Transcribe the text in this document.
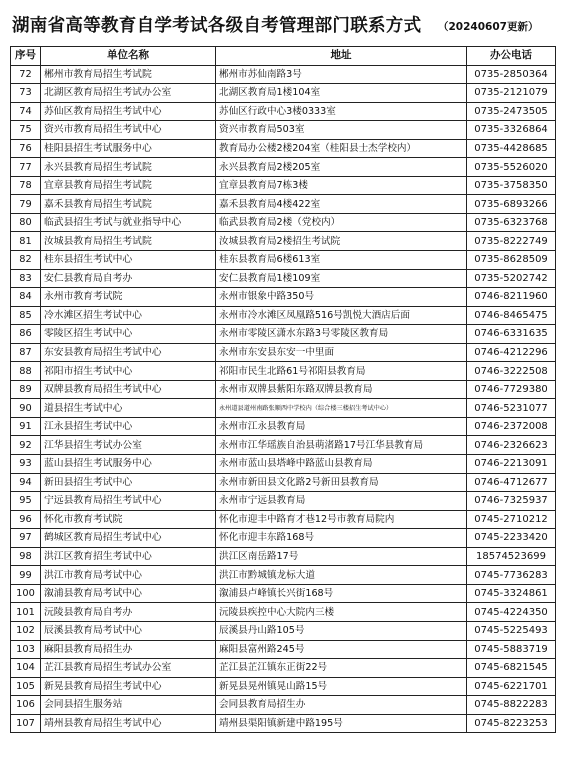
湖南省高等教育自学考试各级自考管理部门联系方式 （20240607更新）
序号	单位名称	地址	办公电话
72	郴州市教育局招生考试院	郴州市苏仙南路3号	0735-2850364
73	北湖区教育局招生考试办公室	北湖区教育局1楼104室	0735-2121079
74	苏仙区教育局招生考试中心	苏仙区行政中心3楼0333室	0735-2473505
75	资兴市教育局招生考试中心	资兴市教育局503室	0735-3326864
76	桂阳县招生考试服务中心	教育局办公楼2楼204室（桂阳县士杰学校内）	0735-4428685
77	永兴县教育局招生考试院	永兴县教育局2楼205室	0735-5526020
78	宜章县教育局招生考试院	宜章县教育局7栋3楼	0735-3758350
79	嘉禾县教育局招生考试院	嘉禾县教育局4楼422室	0735-6893266
80	临武县招生考试与就业指导中心	临武县教育局2楼（党校内）	0735-6323768
81	汝城县教育局招生考试院	汝城县教育局2楼招生考试院	0735-8222749
82	桂东县招生考试中心	桂东县教育局6楼613室	0735-8628509
83	安仁县教育局自考办	安仁县教育局1楼109室	0735-5202742
84	永州市教育考试院	永州市银象中路350号	0746-8211960
85	冷水滩区招生考试中心	永州市冷水滩区凤凰路516号凯悦大酒店后面	0746-8465475
86	零陵区招生考试中心	永州市零陵区潇水东路3号零陵区教育局	0746-6331635
87	东安县教育局招生考试中心	永州市东安县东安一中里面	0746-4212296
88	祁阳市招生考试中心	祁阳市民生北路61号祁阳县教育局	0746-3222508
89	双牌县教育局招生考试中心	永州市双牌县紫阳东路双牌县教育局	0746-7729380
90	道县招生考试中心	永州道县道州南路张顺西中学校内（综合楼三楼招生考试中心）	0746-5231077
91	江永县招生考试中心	永州市江永县教育局	0746-2372008
92	江华县招生考试办公室	永州市江华瑶族自治县萌渚路17号江华县教育局	0746-2326623
93	蓝山县招生考试服务中心	永州市蓝山县塔峰中路蓝山县教育局	0746-2213091
94	新田县招生考试中心	永州市新田县文化路2号新田县教育局	0746-4712677
95	宁远县教育局招生考试中心	永州市宁远县教育局	0746-7325937
96	怀化市教育考试院	怀化市迎丰中路育才巷12号市教育局院内	0745-2710212
97	鹤城区教育局招生考试中心	怀化市迎丰东路168号	0745-2233420
98	洪江区教育招生考试中心	洪江区南岳路17号	18574523699
99	洪江市教育局考试中心	洪江市黔城镇龙标大道	0745-7736283
100	溆浦县教育局考试中心	溆浦县卢峰镇长兴街168号	0745-3324861
101	沅陵县教育局自考办	沅陵县疾控中心大院内三楼	0745-4224350
102	辰溪县教育局考试中心	辰溪县丹山路105号	0745-5225493
103	麻阳县教育局招生办	麻阳县富州路245号	0745-5883719
104	芷江县教育局招生考试办公室	芷江县芷江镇东正街22号	0745-6821545
105	新晃县教育局招生考试中心	新晃县晃州镇晃山路15号	0745-6221701
106	会同县招生服务站	会同县教育局招生办	0745-8822283
107	靖州县教育局招生考试中心	靖州县渠阳镇新建中路195号	0745-8223253
